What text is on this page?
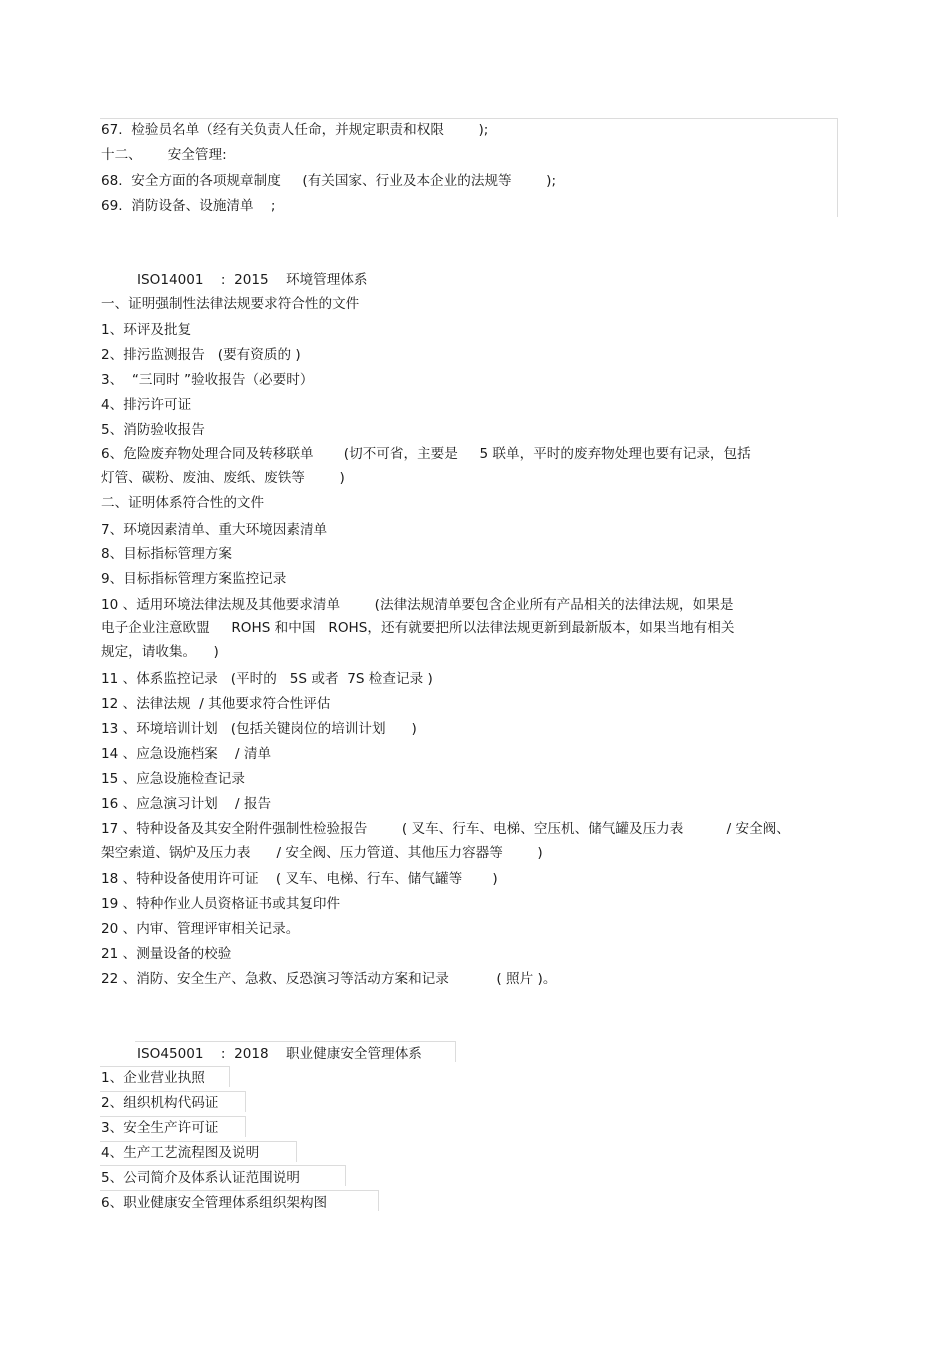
67.  检验员名单（经有关负责人任命，并规定职责和权限        );
十二、      安全管理:
68.  安全方面的各项规章制度     (有关国家、行业及本企业的法规等        );
69.  消防设备、设施清单    ;
ISO14001    :  2015    环境管理体系
一、证明强制性法律法规要求符合性的文件
1、环评及批复
2、排污监测报告   (要有资质的 )
3、  “三同时 ”验收报告（必要时）
4、排污许可证
5、消防验收报告
6、危险废弃物处理合同及转移联单       (切不可省，主要是     5 联单，平时的废弃物处理也要有记录，包括
灯管、碳粉、废油、废纸、废铁等        )
二、证明体系符合性的文件
7、环境因素清单、重大环境因素清单
8、目标指标管理方案
9、目标指标管理方案监控记录
10 、适用环境法律法规及其他要求清单        (法律法规清单要包含企业所有产品相关的法律法规，如果是
电子企业注意欧盟     ROHS 和中国   ROHS，还有就要把所以法律法规更新到最新版本，如果当地有相关
规定，请收集。    )
11 、体系监控记录   (平时的   5S 或者  7S 检查记录 )
12 、法律法规  / 其他要求符合性评估
13 、环境培训计划   (包括关键岗位的培训计划      )
14 、应急设施档案    / 清单
15 、应急设施检查记录
16 、应急演习计划    / 报告
17 、特种设备及其安全附件强制性检验报告        ( 叉车、行车、电梯、空压机、储气罐及压力表          / 安全阀、
架空索道、锅炉及压力表      / 安全阀、压力管道、其他压力容器等        )
18 、特种设备使用许可证    ( 叉车、电梯、行车、储气罐等       )
19 、特种作业人员资格证书或其复印件
20 、内审、管理评审相关记录。
21 、测量设备的校验
22 、消防、安全生产、急救、反恐演习等活动方案和记录           ( 照片 )。
ISO45001    :  2018    职业健康安全管理体系
1、企业营业执照
2、组织机构代码证
3、安全生产许可证
4、生产工艺流程图及说明
5、公司简介及体系认证范围说明
6、职业健康安全管理体系组织架构图
